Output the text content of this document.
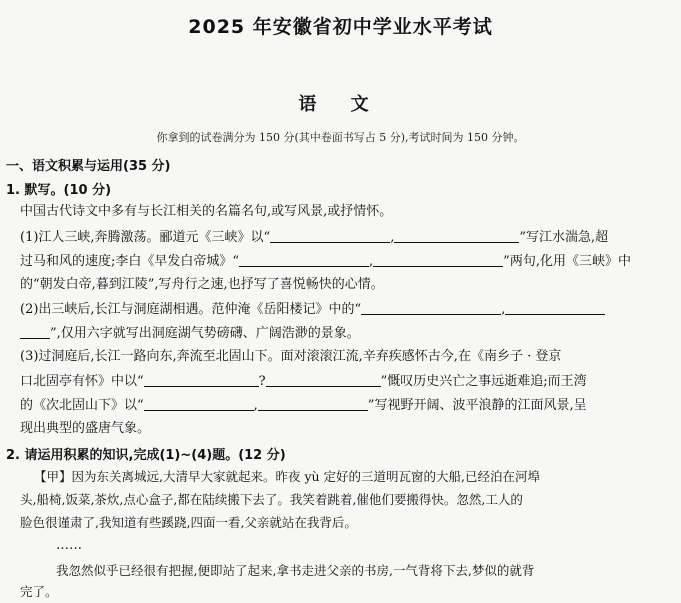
2025 年安徽省初中学业水平考试
语 文
你拿到的试卷满分为 150 分(其中卷面书写占 5 分),考试时间为 150 分钟。
一、语文积累与运用(35 分)
1. 默写。(10 分)
中国古代诗文中多有与长江相关的名篇名句,或写风景,或抒情怀。
(1)江人三峡,奔腾激荡。郦道元《三峡》以“	,	”写江水湍急,超
过马和风的速度;李白《早发白帝城》“	,	”两句,化用《三峡》中
的“朝发白帝,暮到江陵”,写舟行之速,也抒写了喜悦畅快的心情。
(2)出三峡后,长江与洞庭湖相遇。范仲淹《岳阳楼记》中的“	,
”,仅用六字就写出洞庭湖气势磅礴、广阔浩渺的景象。
(3)过洞庭后,长江一路向东,奔流至北固山下。面对滚滚江流,辛弃疾感怀古今,在《南乡子 · 登京
口北固亭有怀》中以“	?	”慨叹历史兴亡之事远逝难追;而王湾
的《次北固山下》以“	,	”写视野开阔、波平浪静的江面风景,呈
现出典型的盛唐气象。
2. 请运用积累的知识,完成(1)~(4)题。(12 分)
【甲】因为东关离城远,大清早大家就起来。昨夜 yù 定好的三道明瓦窗的大船,已经泊在河埠
头,船椅,饭菜,茶炊,点心盒子,都在陆续搬下去了。我笑着跳着,催他们要搬得快。忽然,工人的
脸色很谨肃了,我知道有些蹊跷,四面一看,父亲就站在我背后。
……
我忽然似乎已经很有把握,便即站了起来,拿书走进父亲的书房,一气背将下去,梦似的就背
完了。
